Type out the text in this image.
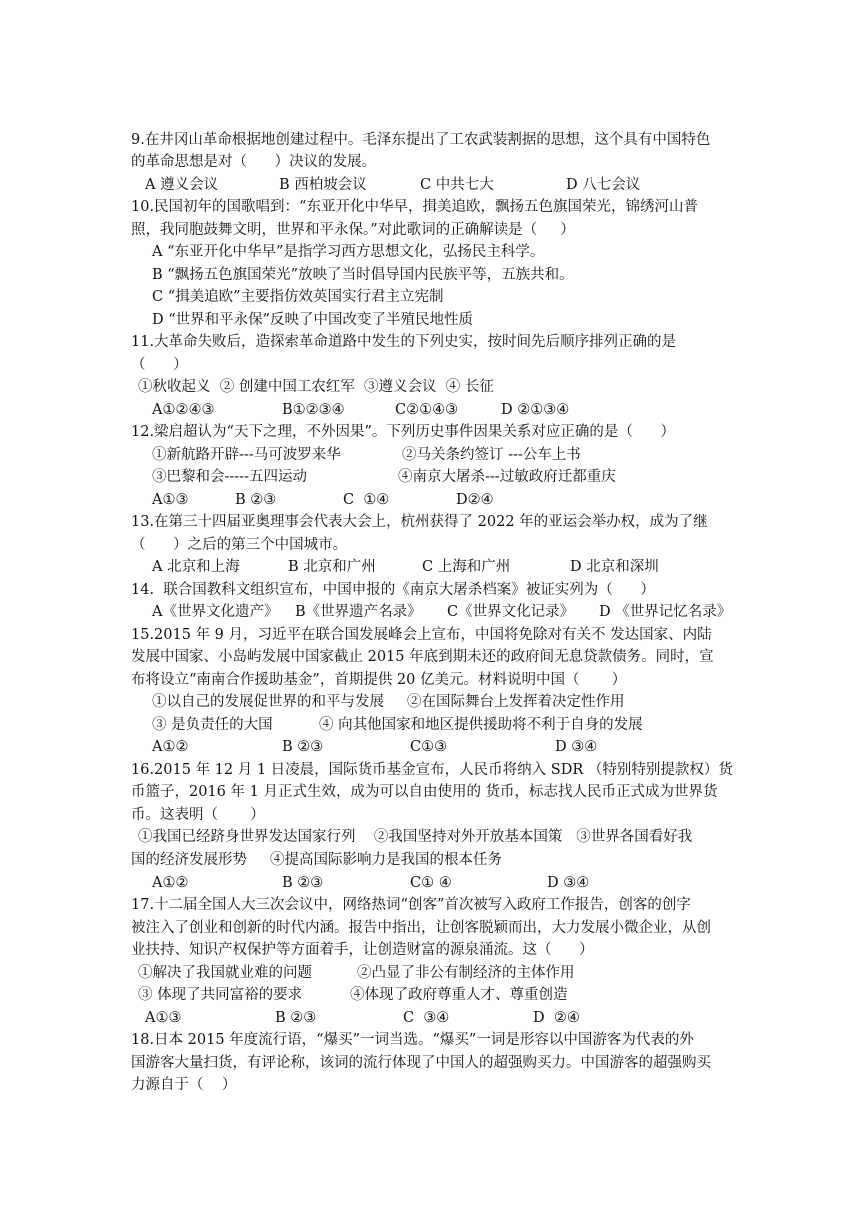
9.在井冈山革命根据地创建过程中。毛泽东提出了工农武装割据的思想，这个具有中国特色
的革命思想是对（      ）决议的发展。
A 遵义会议	B 西柏坡会议	C 中共七大	D 八七会议
10.民国初年的国歌唱到：“东亚开化中华早，揖美追欧，飘扬五色旗国荣光，锦绣河山普
照，我同胞鼓舞文明，世界和平永保。”对此歌词的正确解读是（     ）
A “东亚开化中华早”是指学习西方思想文化，弘扬民主科学。
B “飘扬五色旗国荣光”放映了当时倡导国内民族平等，五族共和。
C “揖美追欧”主要指仿效英国实行君主立宪制
D “世界和平永保”反映了中国改变了半殖民地性质
11.大革命失败后，造探索革命道路中发生的下列史实，按时间先后顺序排列正确的是
（      ）
①秋收起义  ② 创建中国工农红军  ③遵义会议  ④ 长征
A①②④③	B①②③④	C②①④③	D ②①③④
12.梁启超认为“天下之理，不外因果”。下列历史事件因果关系对应正确的是（      ）
①新航路开辟---马可波罗来华	②马关条约签订 ---公车上书
③巴黎和会-----五四运动	④南京大屠杀---过敏政府迁都重庆
A①③	B ②③	C  ①④	D②④
13.在第三十四届亚奥理事会代表大会上，杭州获得了 2022 年的亚运会举办权，成为了继
（      ）之后的第三个中国城市。
A 北京和上海	B 北京和广州	C 上海和广州	D 北京和深圳
14.  联合国教科文组织宣布，中国申报的《南京大屠杀档案》被证实列为（      ）
A《世界文化遗产》 B《世界遗产名录》 C《世界文化记录》 D 《世界记忆名录》
15.2015 年 9 月，习近平在联合国发展峰会上宣布，中国将免除对有关不 发达国家、内陆
发展中国家、小岛屿发展中国家截止 2015 年底到期未还的政府间无息贷款债务。同时，宣
布将设立“南南合作援助基金”，首期提供 20 亿美元。材料说明中国（       ）
①以自己的发展促世界的和平与发展 ②在国际舞台上发挥着决定性作用
③ 是负责任的大国	④ 向其他国家和地区提供援助将不利于自身的发展
A①②	B ②③	C①③	D ③④
16.2015 年 12 月 1 日凌晨，国际货币基金宣布，人民币将纳入 SDR （特别特别提款权）货
币篮子，2016 年 1 月正式生效，成为可以自由使用的 货币，标志找人民币正式成为世界货
币。这表明（       ）
①我国已经跻身世界发达国家行列    ②我国坚持对外开放基本国策   ③世界各国看好我
国的经济发展形势     ④提高国际影响力是我国的根本任务
A①②	B ②③	C① ④	D ③④
17.十二届全国人大三次会议中，网络热词“创客”首次被写入政府工作报告，创客的创字
被注入了创业和创新的时代内涵。报告中指出，让创客脱颖而出，大力发展小微企业，从创
业扶持、知识产权保护等方面着手，让创造财富的源泉涌流。这（      ）
①解决了我国就业难的问题	②凸显了非公有制经济的主体作用
③ 体现了共同富裕的要求	④体现了政府尊重人才、尊重创造
A①③	B ②③	C  ③④	D  ②④
18.日本 2015 年度流行语，“爆买”一词当选。“爆买”一词是形容以中国游客为代表的外
国游客大量扫货，有评论称，该词的流行体现了中国人的超强购买力。中国游客的超强购买
力源自于（    ）
